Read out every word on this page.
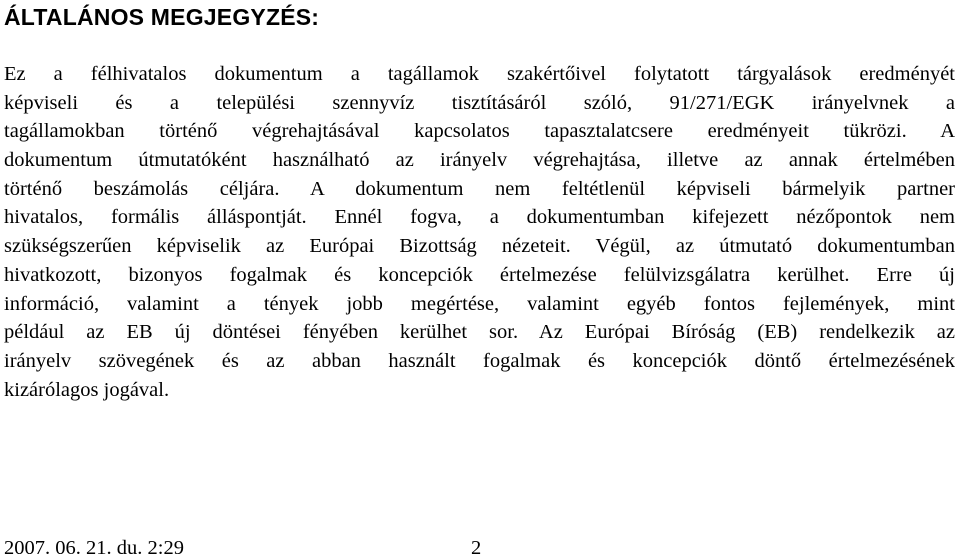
ÁLTALÁNOS MEGJEGYZÉS:
Ez a félhivatalos dokumentum a tagállamok szakértőivel folytatott tárgyalások eredményét
képviseli és a települési szennyvíz tisztításáról szóló, 91/271/EGK irányelvnek a
tagállamokban történő végrehajtásával kapcsolatos tapasztalatcsere eredményeit tükrözi. A
dokumentum útmutatóként használható az irányelv végrehajtása, illetve az annak értelmében
történő beszámolás céljára. A dokumentum nem feltétlenül képviseli bármelyik partner
hivatalos, formális álláspontját. Ennél fogva, a dokumentumban kifejezett nézőpontok nem
szükségszerűen képviselik az Európai Bizottság nézeteit. Végül, az útmutató dokumentumban
hivatkozott, bizonyos fogalmak és koncepciók értelmezése felülvizsgálatra kerülhet. Erre új
információ, valamint a tények jobb megértése, valamint egyéb fontos fejlemények, mint
például az EB új döntései fényében kerülhet sor. Az Európai Bíróság (EB) rendelkezik az
irányelv szövegének és az abban használt fogalmak és koncepciók döntő értelmezésének
kizárólagos jogával.
2007. 06. 21. du. 2:29	2
